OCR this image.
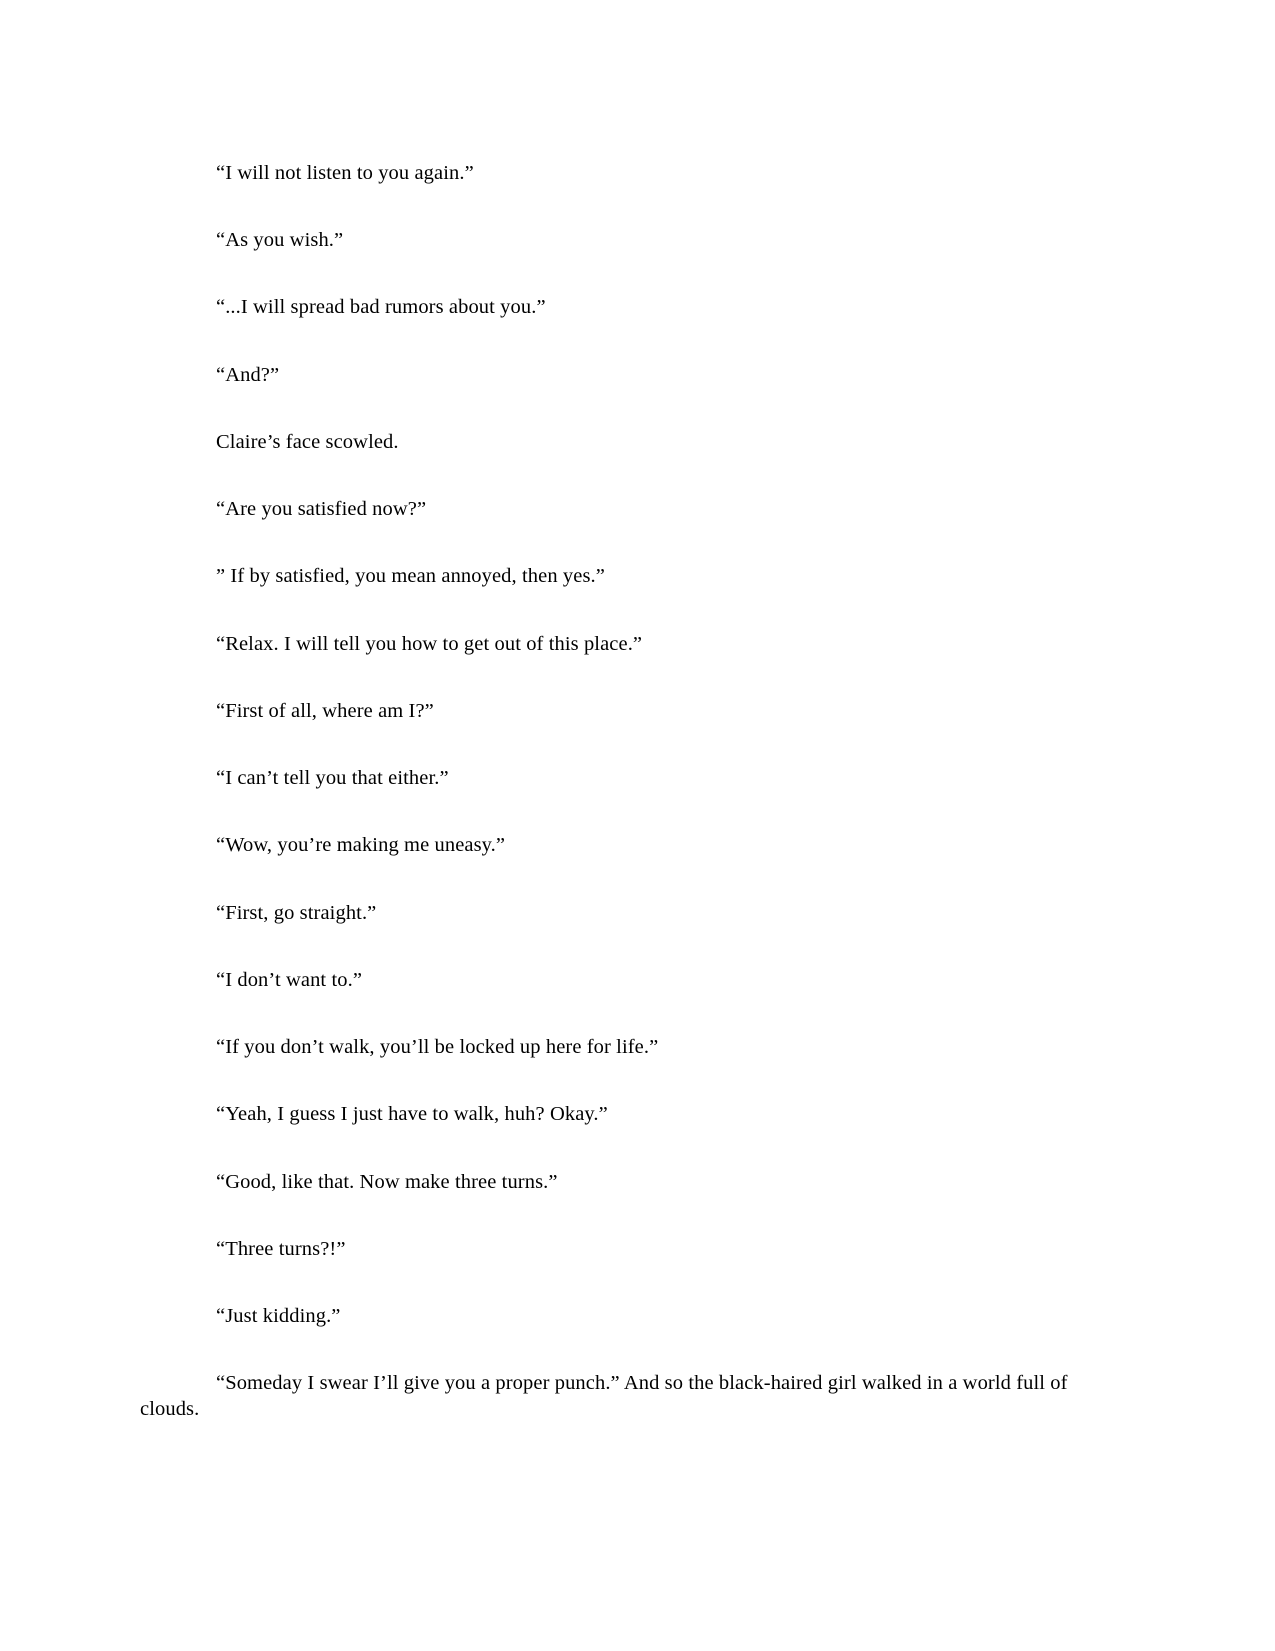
“I will not listen to you again.”

“As you wish.”

“...I will spread bad rumors about you.”

“And?”

Claire’s face scowled.

“Are you satisfied now?”

” If by satisfied, you mean annoyed, then yes.”

“Relax. I will tell you how to get out of this place.”

“First of all, where am I?”

“I can’t tell you that either.”

“Wow, you’re making me uneasy.”

“First, go straight.”

“I don’t want to.”

“If you don’t walk, you’ll be locked up here for life.”

“Yeah, I guess I just have to walk, huh? Okay.”

“Good, like that. Now make three turns.”

“Three turns?!”

“Just kidding.”

“Someday I swear I’ll give you a proper punch.” And so the black-haired girl walked in a world full of clouds.
